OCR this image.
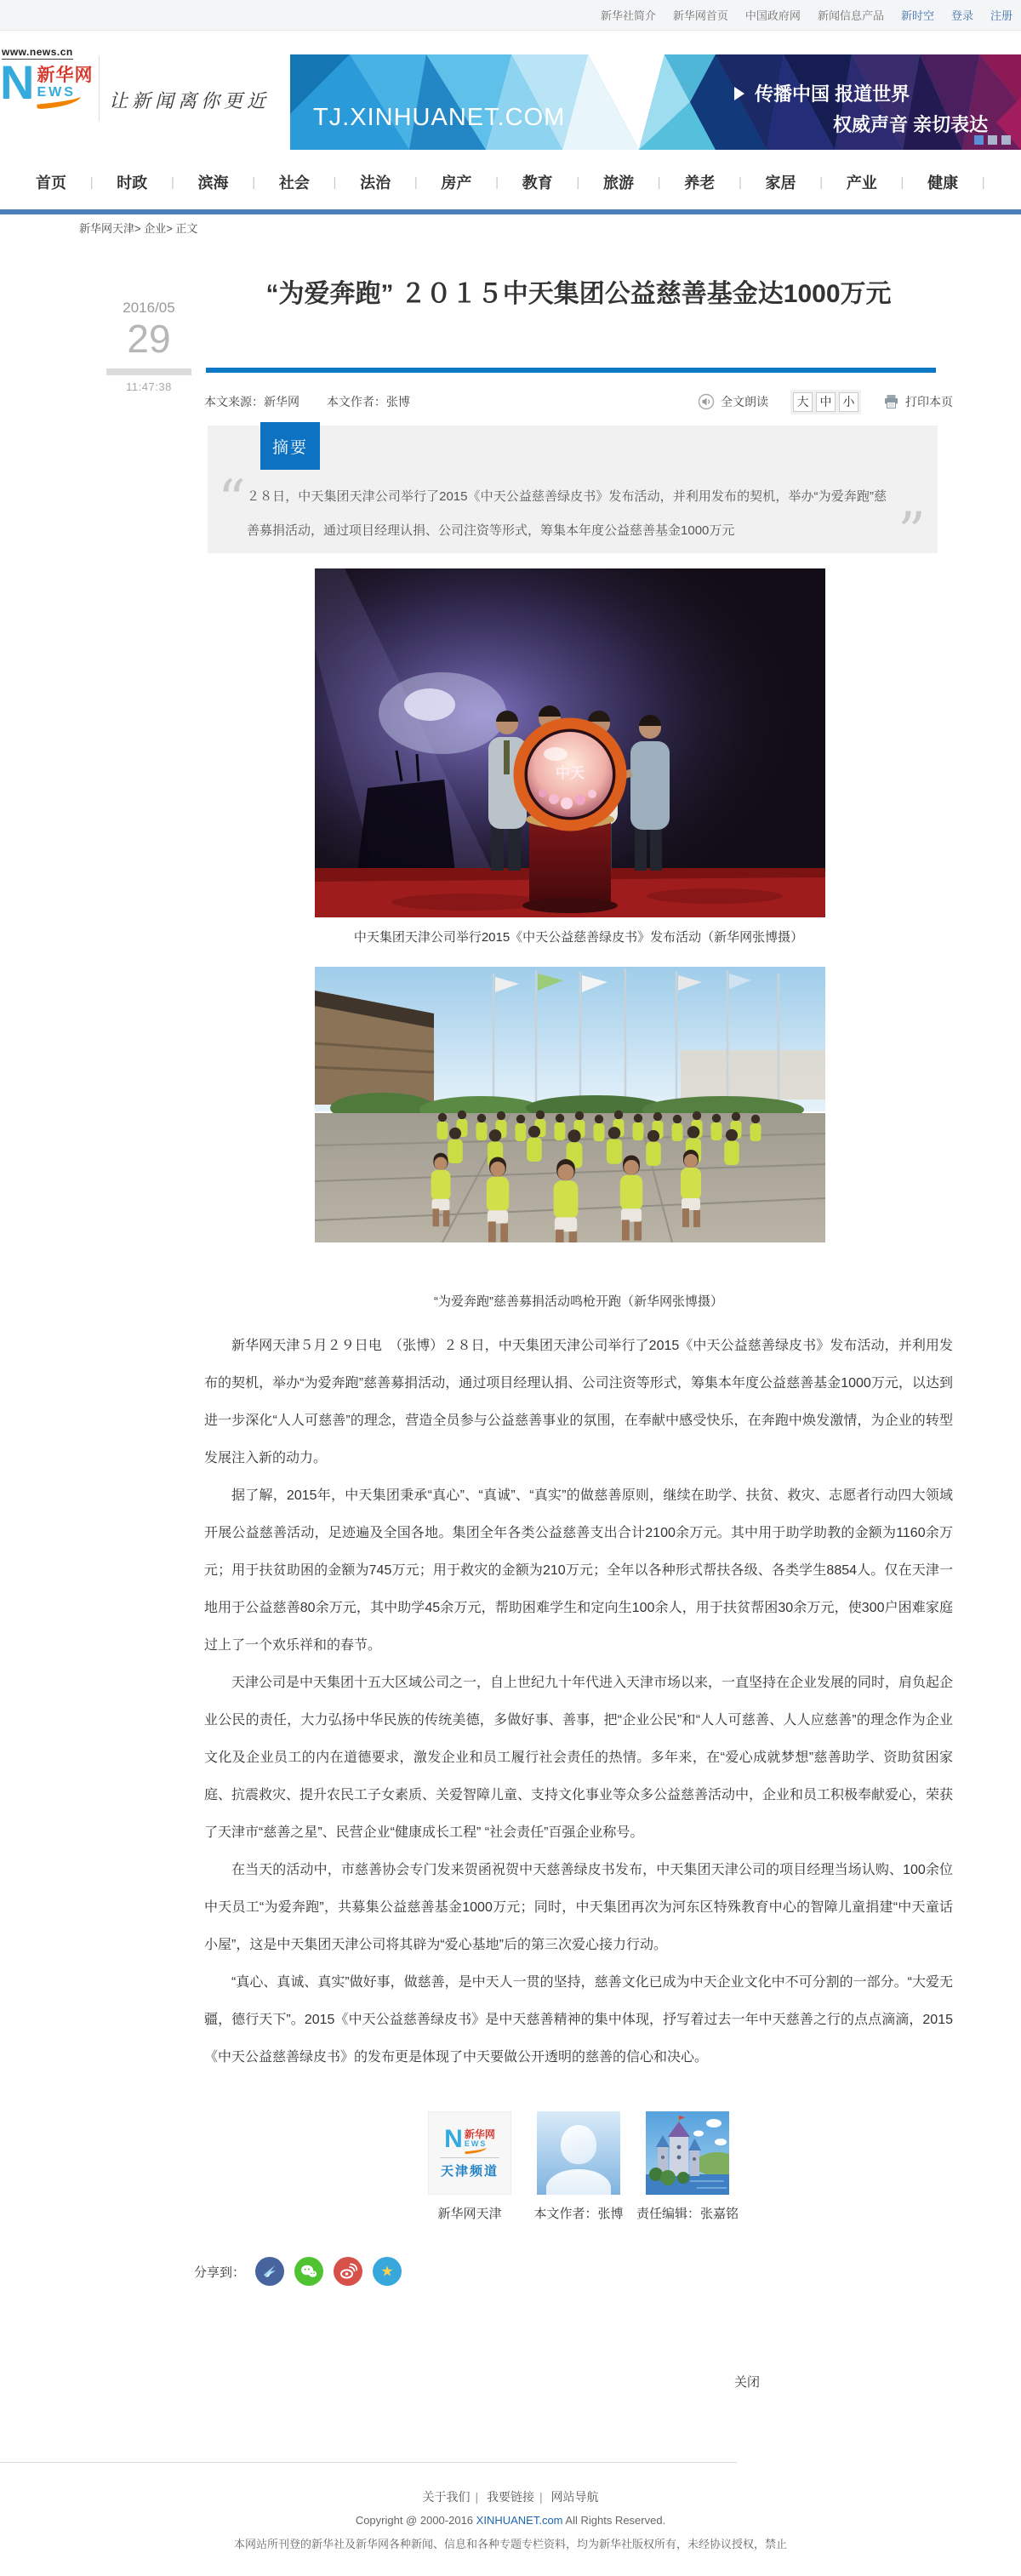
新华社简介 新华网首页 中国政府网 新闻信息产品 新时空 登录 注册
www.news.cn
N 新华网
EWS	让新闻离你更近
TJ.XINHUANET.COM
传播中国 报道世界
权威声音 亲切表达
首页 | 时政 | 滨海 | 社会 | 法治 | 房产 | 教育 | 旅游 | 养老 | 家居 | 产业 | 健康 |
新华网天津> 企业> 正文
2016/05
29
11:47:38
“为爱奔跑” ２０１５中天集团公益慈善基金达1000万元
本文来源：新华网 本文作者：张博	全文朗读	大 中 小	打印本页
摘要
“
”
２８日，中天集团天津公司举行了2015《中天公益慈善绿皮书》发布活动，并利用发布的契机，举办“为爱奔跑”慈善募捐活动，通过项目经理认捐、公司注资等形式，筹集本年度公益慈善基金1000万元
中天
中天集团天津公司举行2015《中天公益慈善绿皮书》发布活动（新华网张博摄）
“为爱奔跑”慈善募捐活动鸣枪开跑（新华网张博摄）

新华网天津５月２９日电　（张博）２８日，中天集团天津公司举行了2015《中天公益慈善绿皮书》发布活动，并利用发布的契机，举办“为爱奔跑”慈善募捐活动，通过项目经理认捐、公司注资等形式，筹集本年度公益慈善基金1000万元，以达到进一步深化“人人可慈善”的理念，营造全员参与公益慈善事业的氛围，在奉献中感受快乐，在奔跑中焕发激情，为企业的转型发展注入新的动力。

据了解，2015年，中天集团秉承“真心”、“真诚”、“真实”的做慈善原则，继续在助学、扶贫、救灾、志愿者行动四大领域开展公益慈善活动，足迹遍及全国各地。集团全年各类公益慈善支出合计2100余万元。其中用于助学助教的金额为1160余万元；用于扶贫助困的金额为745万元；用于救灾的金额为210万元；全年以各种形式帮扶各级、各类学生8854人。仅在天津一地用于公益慈善80余万元，其中助学45余万元，帮助困难学生和定向生100余人，用于扶贫帮困30余万元，使300户困难家庭过上了一个欢乐祥和的春节。

天津公司是中天集团十五大区域公司之一，自上世纪九十年代进入天津市场以来，一直坚持在企业发展的同时，肩负起企业公民的责任，大力弘扬中华民族的传统美德，多做好事、善事，把“企业公民”和“人人可慈善、人人应慈善”的理念作为企业文化及企业员工的内在道德要求，激发企业和员工履行社会责任的热情。多年来，在“爱心成就梦想”慈善助学、资助贫困家庭、抗震救灾、提升农民工子女素质、关爱智障儿童、支持文化事业等众多公益慈善活动中，企业和员工积极奉献爱心，荣获了天津市“慈善之星”、民营企业“健康成长工程” “社会责任”百强企业称号。

在当天的活动中，市慈善协会专门发来贺函祝贺中天慈善绿皮书发布，中天集团天津公司的项目经理当场认购、100余位中天员工“为爱奔跑”，共募集公益慈善基金1000万元；同时，中天集团再次为河东区特殊教育中心的智障儿童捐建“中天童话小屋”，这是中天集团天津公司将其辟为“爱心基地”后的第三次爱心接力行动。

“真心、真诚、真实”做好事，做慈善，是中天人一贯的坚持，慈善文化已成为中天企业文化中不可分割的一部分。“大爱无疆，德行天下”。2015《中天公益慈善绿皮书》是中天慈善精神的集中体现，抒写着过去一年中天慈善之行的点点滴滴，2015《中天公益慈善绿皮书》的发布更是体现了中天要做公开透明的慈善的信心和决心。

N 新华网
EWS
天津频道
新华网天津	本文作者：张博 责任编辑：张嘉铭
分享到：	★
关闭
关于我们 | 我要链接 | 网站导航
Copyright @ 2000-2016 XINHUANET.com All Rights Reserved.
本网站所刊登的新华社及新华网各种新闻、信息和各种专题专栏资料，均为新华社版权所有，未经协议授权，禁止
